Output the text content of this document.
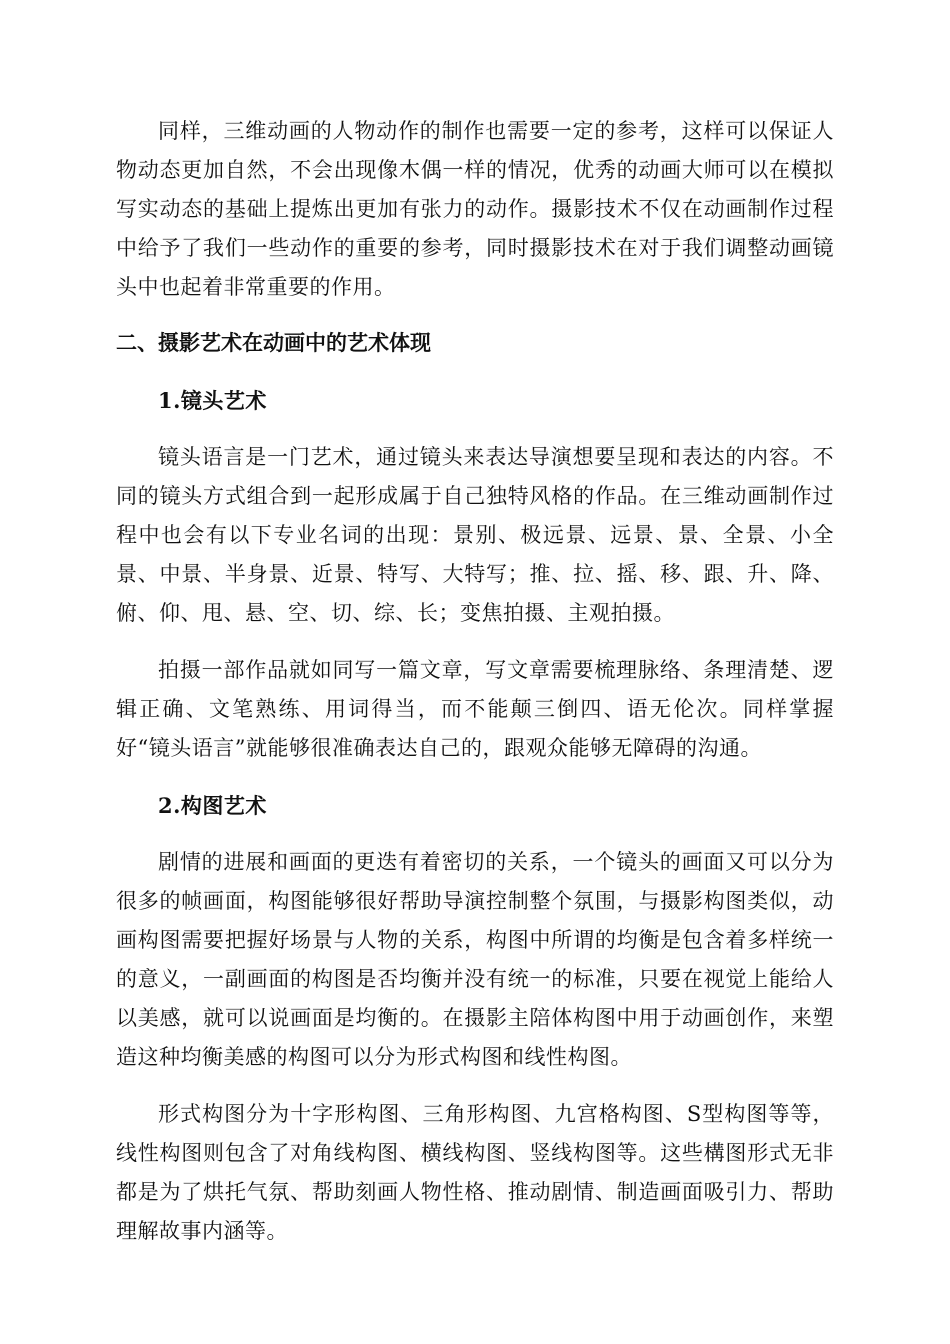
同样，三维动画的人物动作的制作也需要一定的参考，这样可以保证人物动态更加自然，不会出现像木偶一样的情况，优秀的动画大师可以在模拟写实动态的基础上提炼出更加有张力的动作。摄影技术不仅在动画制作过程中给予了我们一些动作的重要的参考，同时摄影技术在对于我们调整动画镜头中也起着非常重要的作用。

二、摄影艺术在动画中的艺术体现
1.镜头艺术

镜头语言是一门艺术，通过镜头来表达导演想要呈现和表达的内容。不同的镜头方式组合到一起形成属于自己独特风格的作品。在三维动画制作过程中也会有以下专业名词的出现：景别、极远景、远景、景、全景、小全景、中景、半身景、近景、特写、大特写；推、拉、摇、移、跟、升、降、俯、仰、甩、悬、空、切、综、长；变焦拍摄、主观拍摄。

拍摄一部作品就如同写一篇文章，写文章需要梳理脉络、条理清楚、逻辑正确、文笔熟练、用词得当，而不能颠三倒四、语无伦次。同样掌握好“镜头语言”就能够很准确表达自己的，跟观众能够无障碍的沟通。

2.构图艺术

剧情的进展和画面的更迭有着密切的关系，一个镜头的画面又可以分为很多的帧画面，构图能够很好帮助导演控制整个氛围，与摄影构图类似，动画构图需要把握好场景与人物的关系，构图中所谓的均衡是包含着多样统一的意义，一副画面的构图是否均衡并没有统一的标准，只要在视觉上能给人以美感，就可以说画面是均衡的。在摄影主陪体构图中用于动画创作，来塑造这种均衡美感的构图可以分为形式构图和线性构图。

形式构图分为十字形构图、三角形构图、九宫格构图、S型构图等等，线性构图则包含了对角线构图、横线构图、竖线构图等。这些構图形式无非都是为了烘托气氛、帮助刻画人物性格、推动剧情、制造画面吸引力、帮助理解故事内涵等。
